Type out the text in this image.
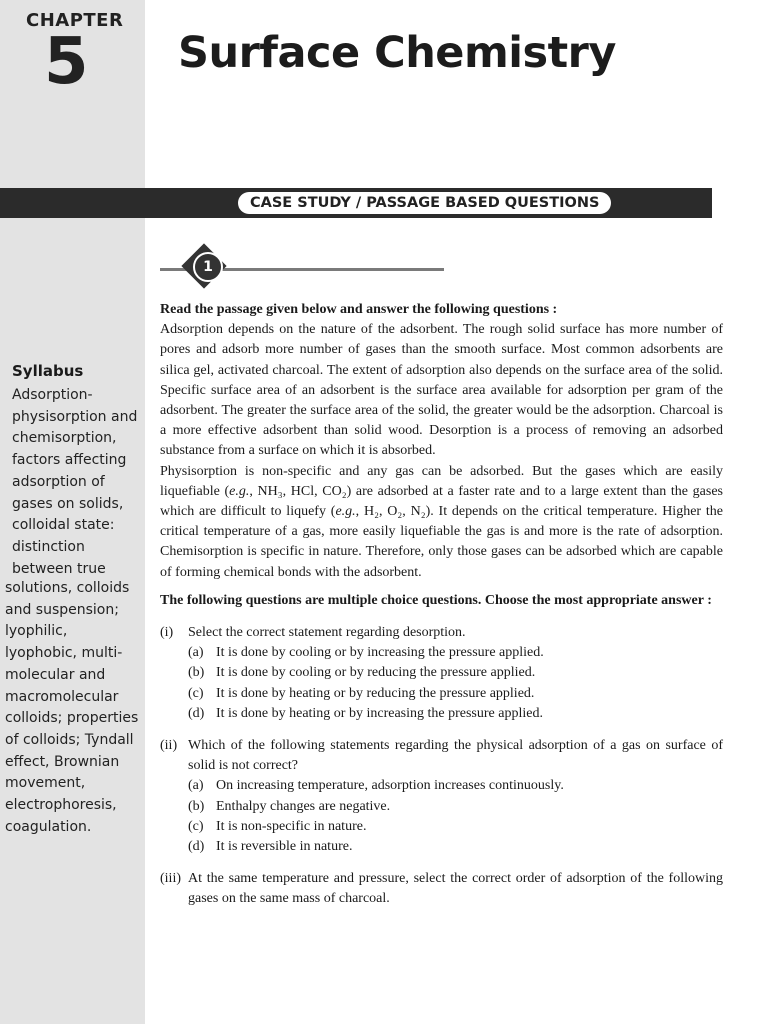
CHAPTER
5 Surface Chemistry
CASE STUDY / PASSAGE BASED QUESTIONS
1
Syllabus
Adsorption-physisorption and chemisorption, factors affecting adsorption of gases on solids, colloidal state: distinction between true
solutions, colloids and suspension; lyophilic, lyophobic, multi-molecular and macromolecular colloids; properties of colloids; Tyndall effect, Brownian movement, electrophoresis, coagulation.

Read the passage given below and answer the following questions :

Adsorption depends on the nature of the adsorbent. The rough solid surface has more number of pores and adsorb more number of gases than the smooth surface. Most common adsorbents are silica gel, activated charcoal. The extent of adsorption also depends on the surface area of the solid. Specific surface area of an adsorbent is the surface area available for adsorption per gram of the adsorbent. The greater the surface area of the solid, the greater would be the adsorption. Charcoal is a more effective adsorbent than solid wood. Desorption is a process of removing an adsorbed substance from a surface on which it is absorbed.

Physisorption is non-specific and any gas can be adsorbed. But the gases which are easily liquefiable (e.g., NH₃, HCl, CO₂) are adsorbed at a faster rate and to a large extent than the gases which are difficult to liquefy (e.g., H₂, O₂, N₂). It depends on the critical temperature. Higher the critical temperature of a gas, more easily liquefiable the gas is and more is the rate of adsorption. Chemisorption is specific in nature. Therefore, only those gases can be adsorbed which are capable of forming chemical bonds with the adsorbent.

The following questions are multiple choice questions. Choose the most appropriate answer :

(i)	Select the correct statement regarding desorption.
(a) It is done by cooling or by increasing the pressure applied.
(b) It is done by cooling or by reducing the pressure applied.
(c) It is done by heating or by reducing the pressure applied.
(d) It is done by heating or by increasing the pressure applied.
(ii) Which of the following statements regarding the physical adsorption of a gas on surface of solid is not correct?
(a) On increasing temperature, adsorption increases continuously.
(b) Enthalpy changes are negative.
(c) It is non-specific in nature.
(d) It is reversible in nature.
(iii) At the same temperature and pressure, select the correct order of adsorption of the following gases on the same mass of charcoal.
